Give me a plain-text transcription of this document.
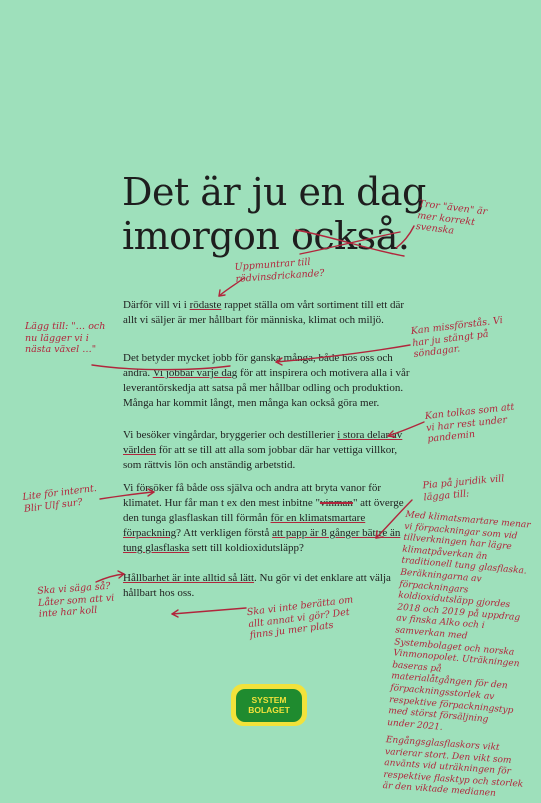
Det är ju en dag
imorgon också.
Därför vill vi i rödaste rappet ställa om vårt sortiment till ett där allt vi säljer är mer hållbart för människa, klimat och miljö.
Det betyder mycket jobb för ganska många, både hos oss och andra. Vi jobbar varje dag för att inspirera och motivera alla i vår leverantörskedja att satsa på mer hållbar odling och produktion. Många har kommit långt, men många kan också göra mer.
Vi besöker vingårdar, bryggerier och destillerier i stora delar av världen för att se till att alla som jobbar där har vettiga villkor, som rättvis lön och anständig arbetstid.
Vi försöker få både oss själva och andra att bryta vanor för klimatet. Hur får man t ex den mest inbitne "vinman" att överge den tunga glasflaskan till förmån för en klimatsmartare förpackning? Att verkligen förstå att papp är 8 gånger bättre än tung glasflaska sett till koldioxidutsläpp?
Hållbarhet är inte alltid så lätt. Nu gör vi det enklare att välja hållbart hos oss.
Tror "även" är mer korrekt svenska
Uppmuntrar till rödvinsdrickande?
Lägg till: "… och nu lägger vi i nästa växel …"
Kan missförstås. Vi har ju stängt på söndagar.
Kan tolkas som att vi har rest under pandemin
Lite för internt. Blir Ulf sur?
Pia på juridik vill lägga till:
Med klimatsmartare menar vi förpackningar som vid tillverkningen har lägre klimatpåverkan än traditionell tung glasflaska. Beräkningarna av förpackningars koldioxidutsläpp gjordes 2018 och 2019 på uppdrag av finska Alko och i samverkan med Systembolaget och norska Vinmonopolet. Uträkningen baseras på materialåtgången för den förpackningsstorlek av respektive förpackningstyp med störst försäljning under 2021.
Engångsglasflaskors vikt varierar stort. Den vikt som använts vid uträkningen för respektive flasktyp och storlek är den viktade medianen
Ska vi säga så? Låter som att vi inte har koll	Ska vi inte berätta om allt annat vi gör? Det finns ju mer plats
SYSTEM
BOLAGET
